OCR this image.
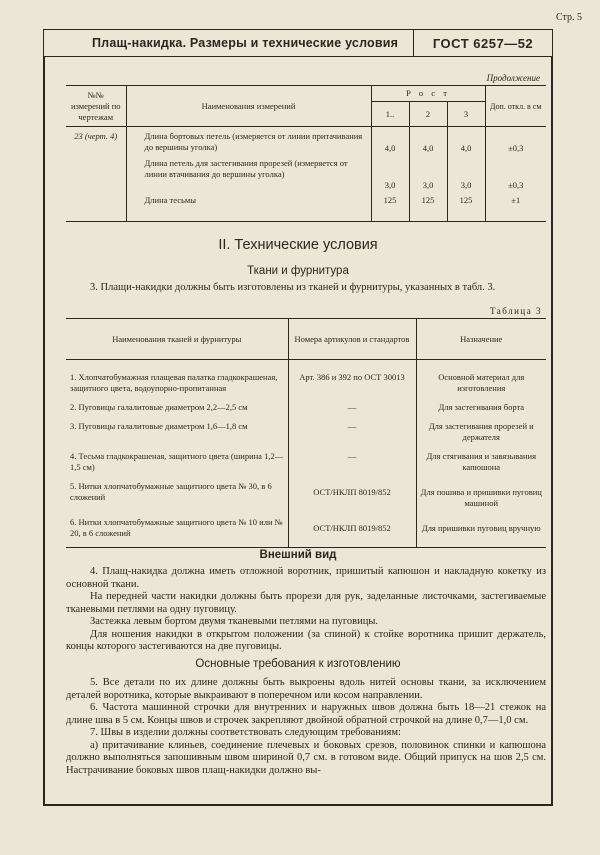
Стр. 5
Плащ-накидка. Размеры и технические условия	ГОСТ 6257—52
Продолжение
№№ измерений по чертежам	Наименования измерений	Р о с т			Доп. откл. в см
		1..	2	3	
23 (черт. 4)	Длина бортовых петель (измеряется от линии притачивания до вершины уголка)	4,0	4,0	4,0	±0,3
	Длина петель для застегивания прорезей (измеряется от линии втачивания до вершины уголка)	3,0	3,0	3,0	±0,3
	Длина тесьмы	125	125	125	±1
II. Технические условия
Ткани и фурнитура

3. Плащи-накидки должны быть изготовлены из тканей и фурнитуры, указанных в табл. 3.

Таблица 3
Наименования тканей и фурнитуры	Номера артикулов и стандартов	Назначение
1. Хлопчатобумажная плащевая палатка гладкокрашеная, защитного цвета, водоупорно-пропитанная	Арт. 386 и 392 по ОСТ 30013	Основной материал для изготовления
2. Пуговицы галалитовые диаметром 2,2—2,5 см	—	Для застегивания борта
3. Пуговицы галалитовые диаметром 1,6—1,8 см	—	Для застегивания прорезей и держателя
4. Тесьма гладкокрашеная, защитного цвета (ширина 1,2—1,5 см)	—	Для стягивания и завязывания капюшона
5. Нитки хлопчатобумажные защитного цвета № 30, в 6 сложений	ОСТ/НКЛП 8019/852	Для пошива и пришивки пуговиц машиной
6. Нитки хлопчатобумажные защитного цвета № 10 или № 20, в 6 сложений	ОСТ/НКЛП 8019/852	Для пришивки пуговиц вручную
Внешний вид

4. Плащ-накидка должна иметь отложной воротник, пришитый капюшон и накладную кокетку из основной ткани.

На передней части накидки должны быть прорези для рук, заделанные листочками, застегиваемые тканевыми петлями на одну пуговицу.

Застежка левым бортом двумя тканевыми петлями на пуговицы.

Для ношения накидки в открытом положении (за спиной) к стойке воротника пришит держатель, концы которого застегиваются на две пуговицы.

Основные требования к изготовлению

5. Все детали по их длине должны быть выкроены вдоль нитей основы ткани, за исключением деталей воротника, которые выкраивают в поперечном или косом направлении.

6. Частота машинной строчки для внутренних и наружных швов должна быть 18—21 стежок на длине шва в 5 см. Концы швов и строчек закрепляют двойной обратной строчкой на длине 0,7—1,0 см.

7. Швы в изделии должны соответствовать следующим требованиям:

а) притачивание клиньев, соединение плечевых и боковых срезов, половинок спинки и капюшона должно выполняться запошивным швом шириной 0,7 см. в готовом виде. Общий припуск на шов 2,5 см. Настрачивание боковых швов плащ-накидки должно вы-
